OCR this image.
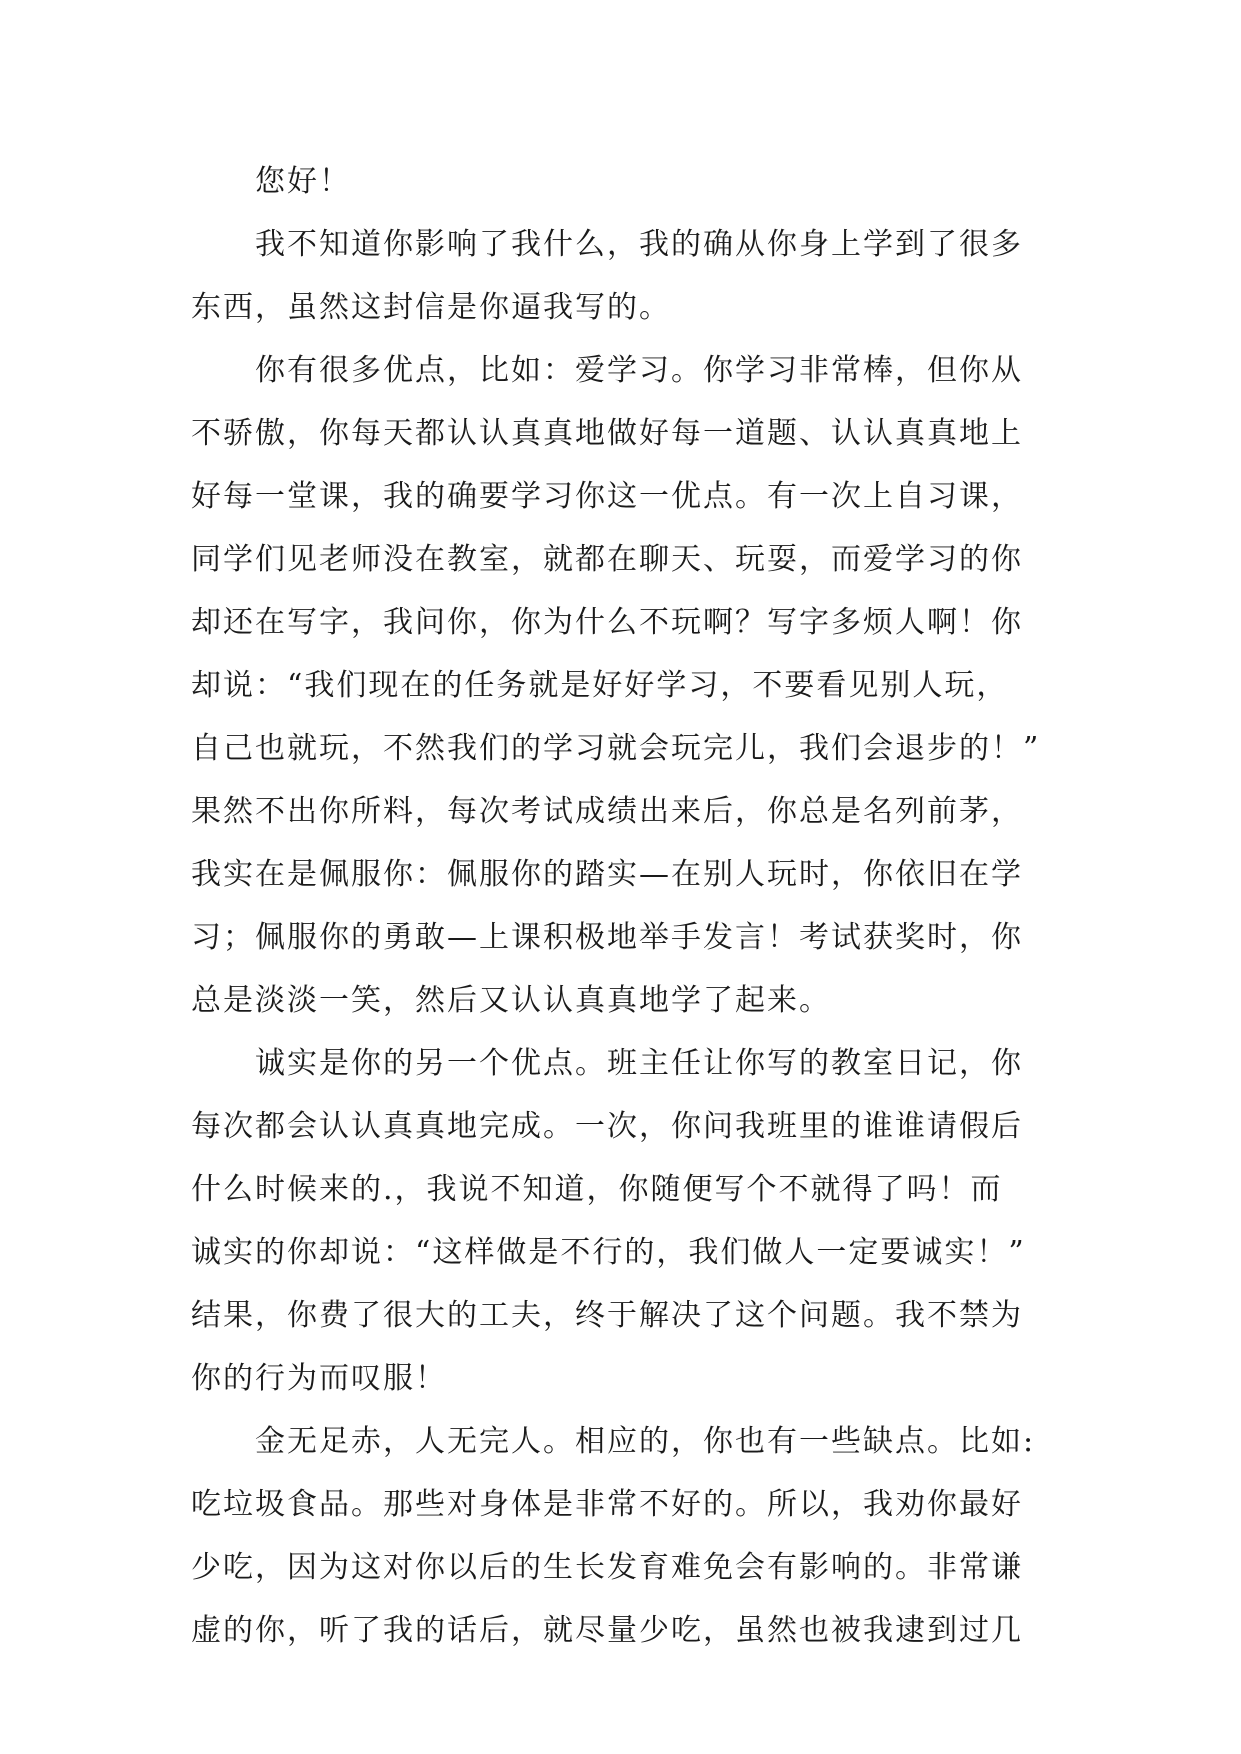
您好！
我不知道你影响了我什么，我的确从你身上学到了很多
东西，虽然这封信是你逼我写的。
你有很多优点，比如：爱学习。你学习非常棒，但你从
不骄傲，你每天都认认真真地做好每一道题、认认真真地上
好每一堂课，我的确要学习你这一优点。有一次上自习课，
同学们见老师没在教室，就都在聊天、玩耍，而爱学习的你
却还在写字，我问你，你为什么不玩啊？写字多烦人啊！你
却说：“我们现在的任务就是好好学习，不要看见别人玩，
自己也就玩，不然我们的学习就会玩完儿，我们会退步的！”
果然不出你所料，每次考试成绩出来后，你总是名列前茅，
我实在是佩服你：佩服你的踏实—在别人玩时，你依旧在学
习；佩服你的勇敢—上课积极地举手发言！考试获奖时，你
总是淡淡一笑，然后又认认真真地学了起来。
诚实是你的另一个优点。班主任让你写的教室日记，你
每次都会认认真真地完成。一次，你问我班里的谁谁请假后
什么时候来的.，我说不知道，你随便写个不就得了吗！而
诚实的你却说：“这样做是不行的，我们做人一定要诚实！”
结果，你费了很大的工夫，终于解决了这个问题。我不禁为
你的行为而叹服！
金无足赤，人无完人。相应的，你也有一些缺点。比如:
吃垃圾食品。那些对身体是非常不好的。所以，我劝你最好
少吃，因为这对你以后的生长发育难免会有影响的。非常谦
虚的你，听了我的话后，就尽量少吃，虽然也被我逮到过几
